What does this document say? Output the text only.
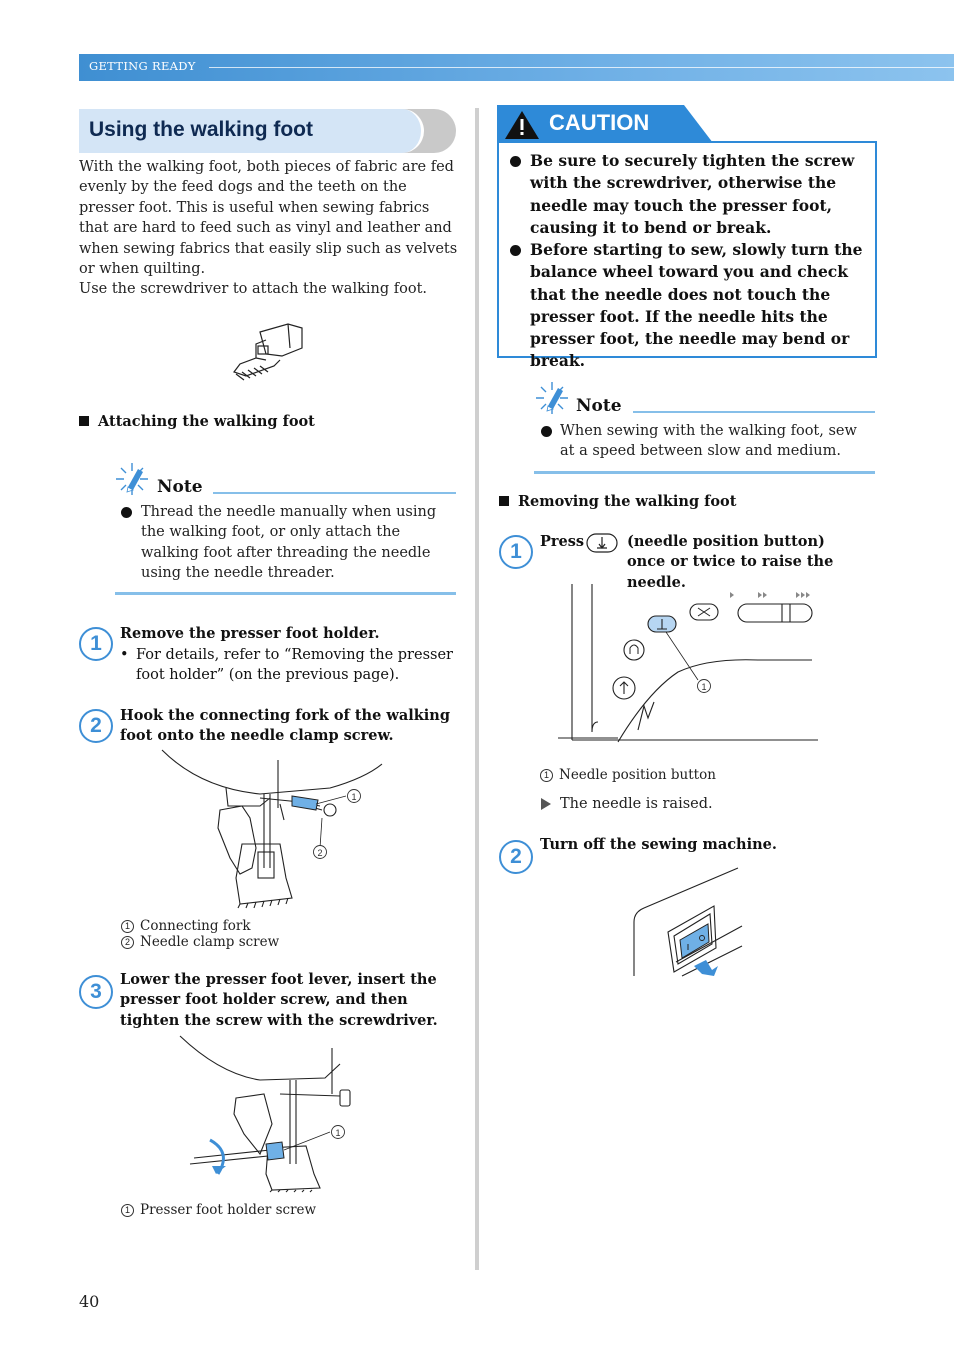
GETTING READY
Using the walking foot
With the walking foot, both pieces of fabric are fed evenly by the feed dogs and the teeth on the presser foot. This is useful when sewing fabrics that are hard to feed such as vinyl and leather and when sewing fabrics that easily slip such as velvets or when quilting.
Use the screwdriver to attach the walking foot.
Attaching the walking foot
Note
Thread the needle manually when using the walking foot, or only attach the walking foot after threading the needle using the needle threader.
1	Remove the presser foot holder.
• For details, refer to “Removing the presser foot holder” (on the previous page).
2	Hook the connecting fork of the walking foot onto the needle clamp screw.
1
2
1 Connecting fork
2 Needle clamp screw
3
Lower the presser foot lever, insert the presser foot holder screw, and then tighten the screw with the screwdriver.
1
1 Presser foot holder screw
CAUTION
Be sure to securely tighten the screw with the screwdriver, otherwise the needle may touch the presser foot, causing it to bend or break.
Before starting to sew, slowly turn the balance wheel toward you and check that the needle does not touch the presser foot. If the needle hits the presser foot, the needle may bend or break.
Note
When sewing with the walking foot, sew at a speed between slow and medium.
Removing the walking foot
1	Press	(needle position button) once or twice to raise the needle.
1
1 Needle position button
The needle is raised.
2
Turn off the sewing machine.
40
